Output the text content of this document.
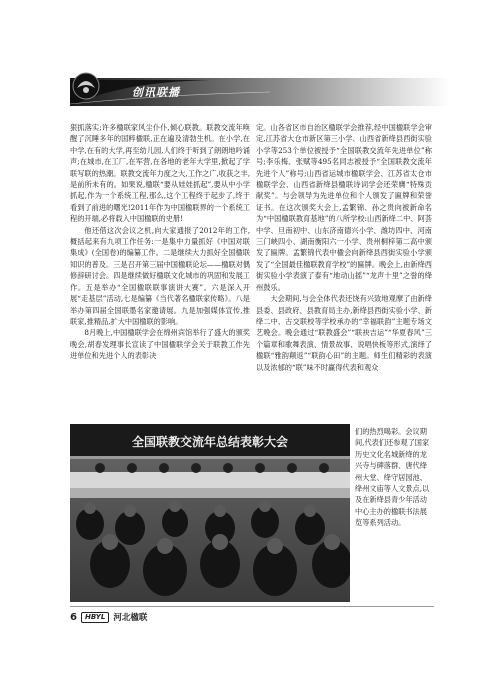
创讯联播

狠抓落实;许多楹联家风尘仆仆,倾心联教。联教交流年唤醒了沉睡多年的国粹楹联,正在遍及清勃生机。在小学,在中学,在有的大学,再至幼儿园,人们终于听到了朗朗地吟诵声;在城市,在工厂,在军营,在各地的老年大学里,掀起了学联写联的热潮。联教交流年力度之大,工作之广,收获之丰,是前所未有的。如果说,楹联“要从娃娃抓起”,要从中小学抓起,作为一个系统工程,那么,这个工程终于起步了,终于看到了前进的曙光!2011年作为中国楹联界的一个系统工程的开端,必将载入中国楹联的史册!

他还借这次会议之机,向大家通报了2012年的工作,概括起来有九项工作任务:一是集中力量抓好《中国对联集成》(全国卷)的编纂工作。二是继续大力抓好全国楹联知识的普及。三是召开第三届中国楹联论坛——楹联对偶修辞研讨会。四是继续做好楹联文化城市的巩固和发展工作。五是举办“全国楹联联事演讲大赛”。六是深入开展“走基层”活动,七是编纂《当代著名楹联家传略》。八是举办第四届全国联墨名家邀请展。九是加强媒体宣传,推联家,推精品,扩大中国楹联的影响。

8月晚上,中国楹联学会在绵州宾馆举行了盛大的颁奖晚会,胡春发理事长宣读了中国楹联学会关于联教工作先进单位和先进个人的表彰决

定。山各省区市自治区楹联学会推荐,经中国楹联学会审定,江苏省大仓市新区第三小学、山西省新绛县西街实验小学等253个单位被授予“全国联教交流年先进单位”称号;李乐梅、张赋等495名同志被授予“全国联教交流年先进个人”称号;山西省运城市楹联学会、江苏省太仓市楹联学会、山西省新绛县楹联诗词学会还荣膺“特殊贡献奖”。与会领导为先进单位和个人颁发了匾牌和荣誉证书。在这次颁奖大会上,孟繁锦、孙之贵向被新命名为“中国楹联教育基地”的八所学校:山西新绛二中、阿荟中学、旦南初中、山东济南德兴小学、潍坊四中、河南三门峡四小、湖南衡阳六一小学、贵州桐梓第二高中颁发了匾牌。孟繁锦代表中楹会向新绛县西街实验小学颁发了“全国最佳楹联教育学校”的匾牌。晚会上,由新绛西街实验小学表演了泰有“地动山摇”“龙声十里”之誉的绛州鼓乐。

大会期间,与会全体代表还饶有兴致地观摩了由新绛县委、县政府、县教育局主办,新绛县西街实验小学、新绛二中、古交联校等学校承办的“幸福联韵”主题专场文艺晚会。晚会通过“联教盛会”“联袂吉运”“华夏春风”三个篇章和歌舞表演、情景故事、说唱快板等形式,演绎了楹联“雅韵颠返”“联韵心田”的主题。师生们精彩的表演以及浓郁的“联”味不时赢得代表和观众

全国联教交流年总结表彰大会
们的热烈喝彩。会议期间,代表们还参观了国家历史文化名城新绛的龙兴寺与碑落群、唐代绛州大堂、绛守居园池、绛州文庙等人文景点,以及在新绛县青少年活动中心主办的楹联书法展览等系列活动。
6	HBYL 河北楹联
